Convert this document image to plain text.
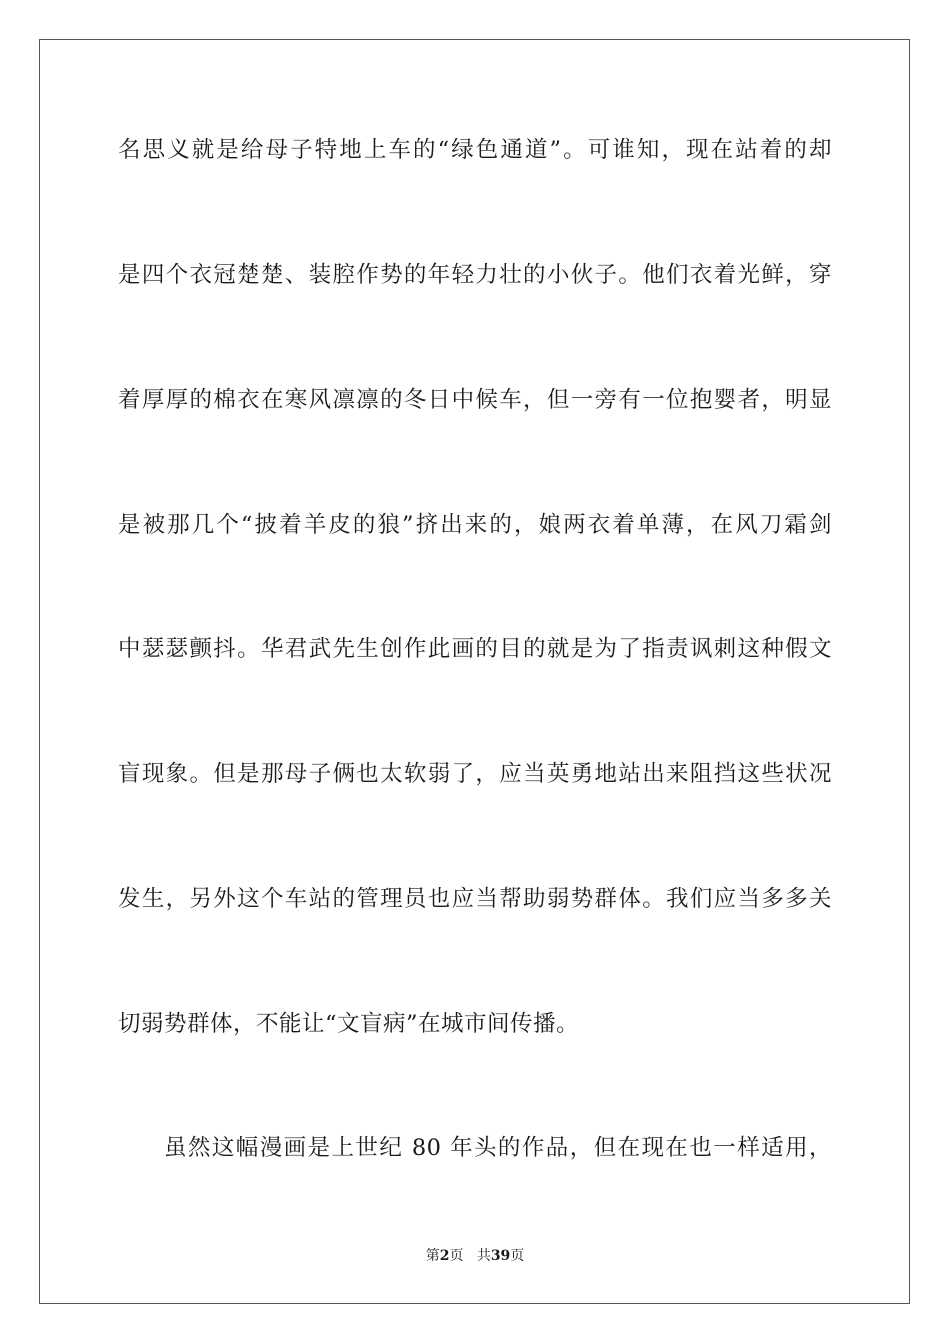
名思义就是给母子特地上车的“绿色通道”。可谁知，现在站着的却
是四个衣冠楚楚、装腔作势的年轻力壮的小伙子。他们衣着光鲜，穿
着厚厚的棉衣在寒风凛凛的冬日中候车，但一旁有一位抱婴者，明显
是被那几个“披着羊皮的狼”挤出来的，娘两衣着单薄，在风刀霜剑
中瑟瑟颤抖。华君武先生创作此画的目的就是为了指责讽刺这种假文
盲现象。但是那母子俩也太软弱了，应当英勇地站出来阻挡这些状况
发生，另外这个车站的管理员也应当帮助弱势群体。我们应当多多关
切弱势群体，不能让“文盲病”在城市间传播。
虽然这幅漫画是上世纪 80 年头的作品，但在现在也一样适用，
第2页 共39页
